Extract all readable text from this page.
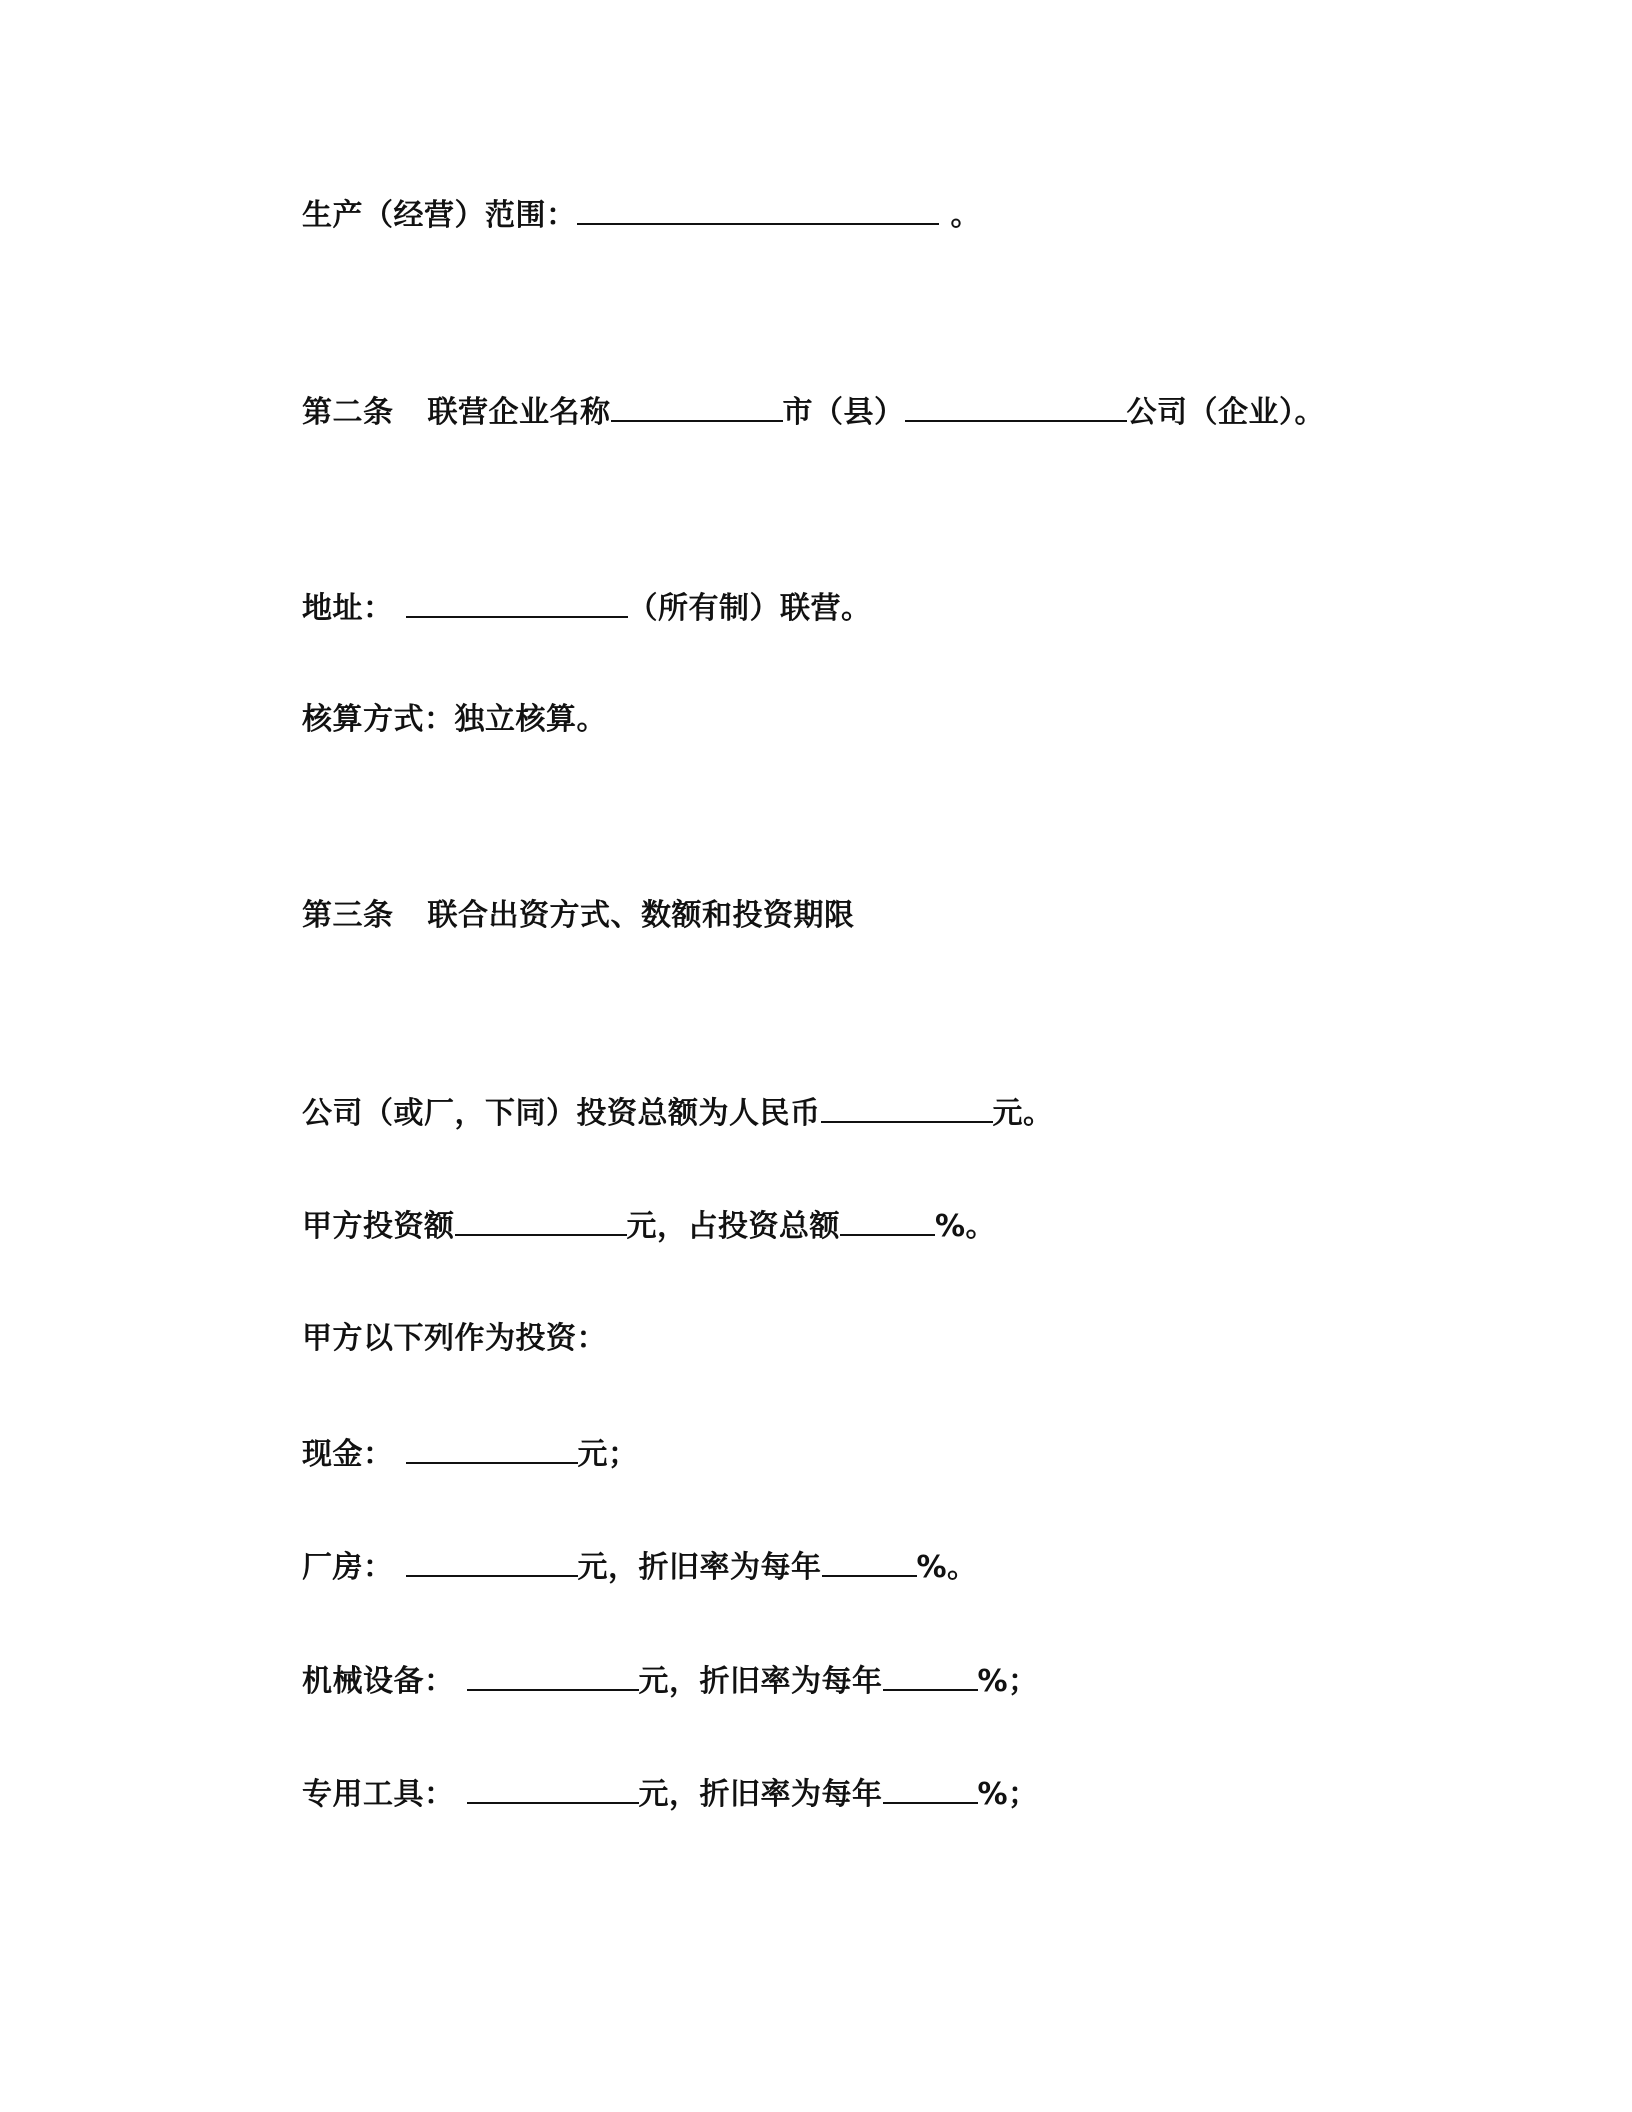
生产（经营）范围：	。
第二条 联营企业名称	市（县）	公司（企业）。
地址：	（所有制）联营。
核算方式：独立核算。
第三条 联合出资方式、数额和投资期限
公司（或厂，下同）投资总额为人民币	元。
甲方投资额	元，占投资总额	%。
甲方以下列作为投资：
现金：	元；
厂房：	元，折旧率为每年	%。
机械设备：	元，折旧率为每年	%；
专用工具：	元，折旧率为每年	%；
